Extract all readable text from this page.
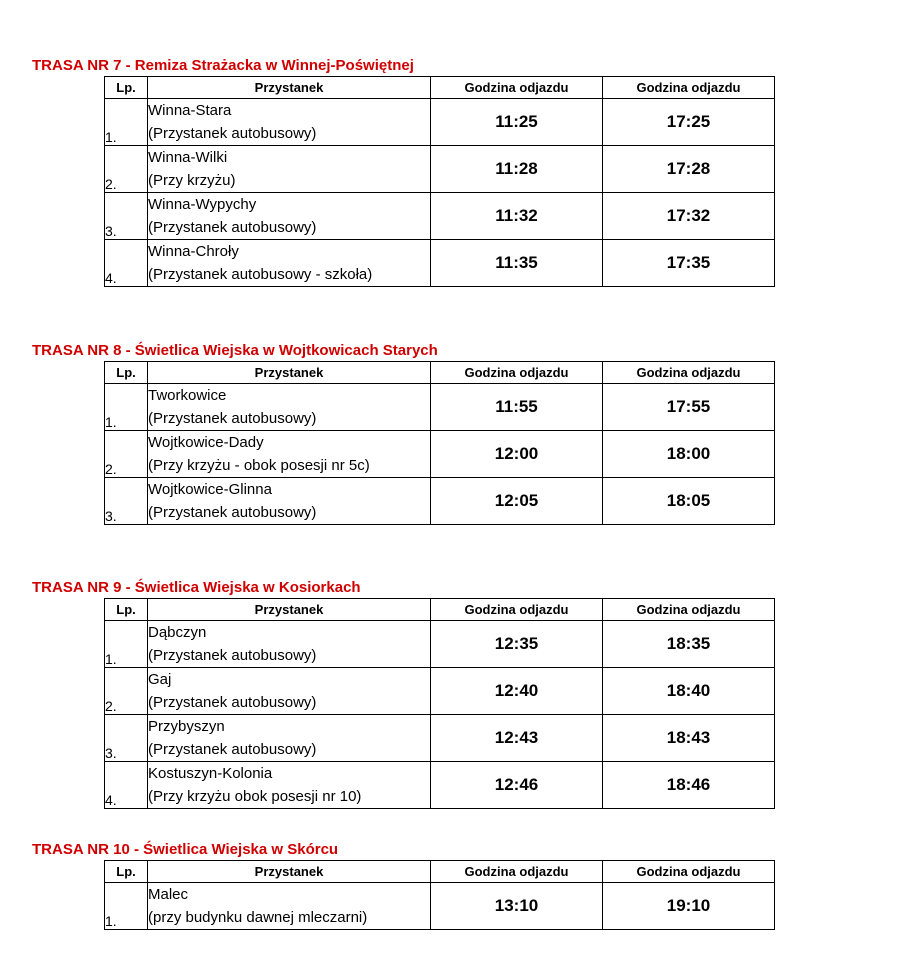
TRASA NR 7 - Remiza Strażacka w Winnej-Poświętnej
Lp.	Przystanek	Godzina odjazdu	Godzina odjazdu
1.	Winna-Stara
(Przystanek autobusowy)	11:25	17:25
2.	Winna-Wilki
(Przy krzyżu)	11:28	17:28
3.	Winna-Wypychy
(Przystanek autobusowy)	11:32	17:32
4.	Winna-Chroły
(Przystanek autobusowy - szkoła)	11:35	17:35
TRASA NR 8 - Świetlica Wiejska w Wojtkowicach Starych
Lp.	Przystanek	Godzina odjazdu	Godzina odjazdu
1.	Tworkowice
(Przystanek autobusowy)	11:55	17:55
2.	Wojtkowice-Dady
(Przy krzyżu - obok posesji nr 5c)	12:00	18:00
3.	Wojtkowice-Glinna
(Przystanek autobusowy)	12:05	18:05
TRASA NR 9 - Świetlica Wiejska w Kosiorkach
Lp.	Przystanek	Godzina odjazdu	Godzina odjazdu
1.	Dąbczyn
(Przystanek autobusowy)	12:35	18:35
2.	Gaj
(Przystanek autobusowy)	12:40	18:40
3.	Przybyszyn
(Przystanek autobusowy)	12:43	18:43
4.	Kostuszyn-Kolonia
(Przy krzyżu obok posesji nr 10)	12:46	18:46
TRASA NR 10 - Świetlica Wiejska w Skórcu
Lp.	Przystanek	Godzina odjazdu	Godzina odjazdu
1.	Malec
(przy budynku dawnej mleczarni)	13:10	19:10
